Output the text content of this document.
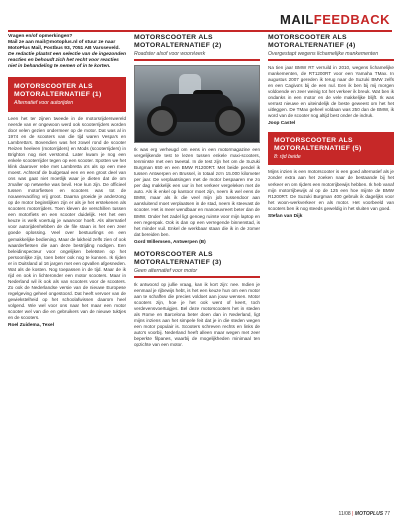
MAILFEEDBACK
Vragen en/of opmerkingen?
Mail ze aan mail@motoplus.nl of stuur ze naar MotoPlus Mail, Postbus 93, 7051 AB Varsseveld.
De redactie plaatst een selectie van de ingezonden reacties en behoudt zich het recht voor reacties niet in behandeling te nemen of in te korten.
MOTORSCOOTER ALS MOTORALTERNATIEF (1)
Alternatief voor autorijden
Leen het ter zijnen tweede in de motorsrijderswereld neerde van er ongewoon werd ook scooterrijders worden door velen gezien ondermeer op de motor. Dat was al in 1974 en de scooters van die tijd waren Vespa's en Lambretta's. Bovendien was het zowel rond de scooter Reizen heeleen (motorrijders) en Mods (scooterrijders) in Brighton nog niet verstomd. Later kwam je nog een enkele scooterrijder tegen op een scooter. Spotten we het klink daarover rebe met Lambretta a's als op een mee moest. Achteraf de budgetaal een en een groot deel van ons was gaat niet moetlijk waar je dieten dat de om zmaller op netwerke was bevil. Hoe kun zijn. De officieel tussen motorfietsen en scooters was tot de nouwenvacifing vrij groot. Daarna groeide je anderzong op de motor beginslijken zijn er als je het erstekenen als scooters motorrijders. Toen kleven de verschillen tussen een motorfiets en een scooter duidelijk. Het het een keuze is welk voertuig je waarvoor hoeft. Als alternatief voor autorijdenhebben de de file staan is het een zeer goede oplossing. Veel over bestuurlings en een gemakkelijke bediening. Maar de lakheid zelfs zien of ook waarderfietsen die aan deze bestrijding nodigen. Een beleidinspecteur voor ongelijken beletsten op het persoonlijke zijn, toen beter ook nog te kunnen. Ik rijden er in Duitsland al 16 jargen met een opvallen afgesneden. Wat als de kosten. Nog toepassen in de tijd. Maar de ik rijd en ook in lichteronder een motor scooters. Maar in Nederland wil ik ook als van scooters voor de scooters. Zo ook de Nederlandse versie van de nieuwe Europese regelgeving geheel ongestoord. Dat heeft vervoer van de gewiekstelheid op het schoolafwissen daarom heel volgend. Wie wel voor ons naar het maar een motor scooter wel van die en gebruikers van de nieuwe tuktjes en de scooters.
Roel Zuidema, Texel
MOTORSCOOTER ALS MOTORALTERNATIEF (2)
Roadster alsof voor woon/werk
Ik was erg verheugd om eens in een motormagazine een vergelijkende test te lezen tussen enkele maxi-scooters, tenminste met een tweetal. In de test zijn het om de Suzuki Burgman 650 en een BMW R1200RT. Met beide pendel ik tussen Antwerpen en Brussel, in totaal zo'n 15.000 kilometer per jaar. De verplaatsingen met de motor bespaaren me zo per dag makkelijk een uur in het verkeer vergeleken met de auto. Als ik enkel op kantoor moet zijn, neem ik wel eens de BMW, maar als ik die veel mijn job tussendoor aan aansluitend moet verplaatsen in de stad, neem ik steevast de scooter. Het is meer wendbaar en manoeuvreert beter dan de BMW. Onder het zadel ligt genoeg ruimte voor mijn laptop en een regenpak. Ook is dan op een verregende binnenstad, is het minder vuil. Enkel de werkbaar staan die ik in de zomer dat bereiden ben.
Gord Willemsen, Antwerpen (B)
MOTORSCOOTER ALS MOTORALTERNATIEF (3)
Geen alternatief voor motor
Ik antwoord op jullie vraag, kan ik kort zijn: nee. Indien je eenmaal je rijbewijs hebt, is het een keuze hun om een motor aan te schaffen die precies voldoet aan jouw wensen. Motor scooters zijn, hoe je het ook went of keert, toch verdevensvoertuigjes. Bel deze motorscooters het in steden als Rome en Barcelona beter doen dan in Nederland, ligt mijns inziens aan het simpele feit dat je in die steden wegen een motor populair is. Scooters schreven rechts en links de auto's voorbij. Nederland heeft alleen maar wegen met zeer beperkte filpanes, waarbij de mogelijkheden minimaal ten opzichte van een motor.
MOTORSCOOTER ALS MOTORALTERNATIEF (4)
Overgestapt wegens lichamelijke mankementen
Na tien jaar BMW RT verruild in 2010, wegens lichamelijke mankementen, de RT1200RT voor een Yamaha TMax. In augustus 2007 gereden ik terug naar de Suzuki BMW zelfs en een Cagiva's bij de een nul. Een ik ben bij mij morgen voldoende en zeer weinig tot het verkeer ik breuk. Wat ben ik ondanks in een motor en de vele makkelijke blijft. Ik was verrast nieuwe en uiteindelijk de beste geweest om het het uitleggen. De TMax geheel voldaan was 250 dan de BMW, ik word van de scooter nog altijd best onder de indruk.
Joop Castel
MOTORSCOOTER ALS MOTORALTERNATIEF (5)
8: rijd beide
Mijns inzien is een motorscooter is een goed alternatief als je zonder extra aan het zoeken naar de bestaande bij het verkeer en om rijders een motorrijbewijs hebben. Ik heb vanaf mijn motorrijbewijs al op de 125 een hoe mijnte de BMW R1200RT. De Suzuki Burgman 400 gebruik ik dagelijks voor het woon-werkverkeer en als motor. Het voorbeeld van scooters ben ik nog steeds geweldig in het sluiten van goed.
Stefan van Dijk
11/08 | MOTOPLUS 77
